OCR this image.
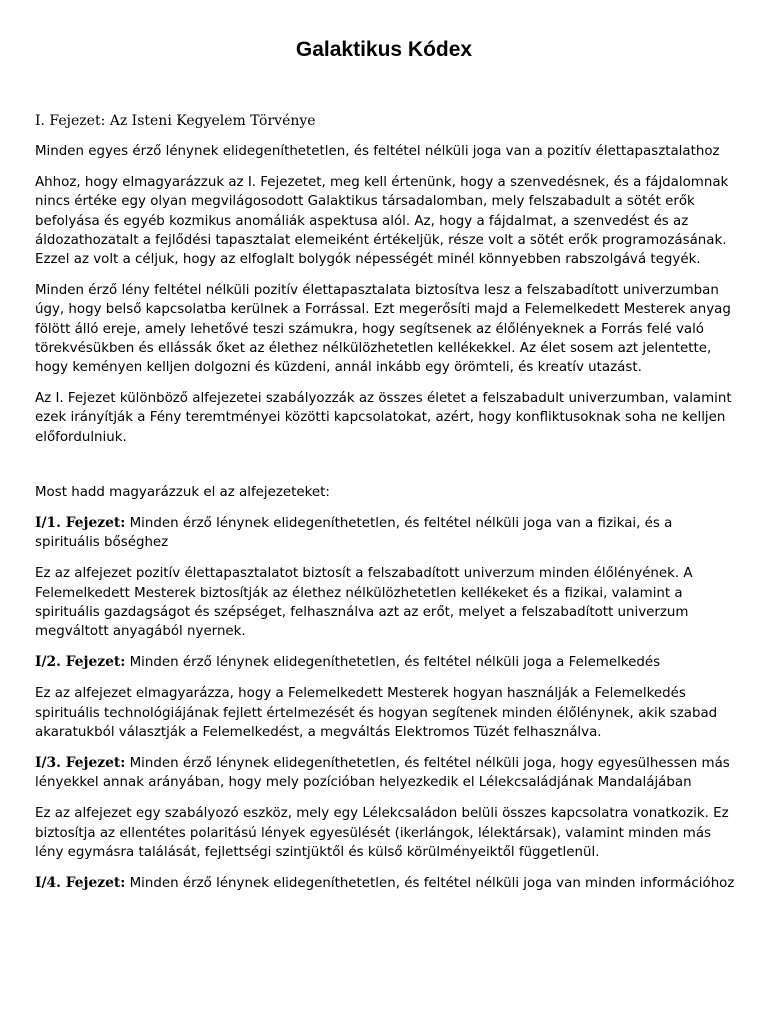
Galaktikus Kódex
I. Fejezet: Az Isteni Kegyelem Törvénye

Minden egyes érző lénynek elidegeníthetetlen, és feltétel nélküli joga van a pozitív élettapasztalathoz

Ahhoz, hogy elmagyarázzuk az I. Fejezetet, meg kell értenünk, hogy a szenvedésnek, és a fájdalomnak nincs értéke egy olyan megvilágosodott Galaktikus társadalomban, mely felszabadult a sötét erők befolyása és egyéb kozmikus anomáliák aspektusa alól. Az, hogy a fájdalmat, a szenvedést és az áldozathozatalt a fejlődési tapasztalat elemeiként értékeljük, része volt a sötét erők programozásának. Ezzel az volt a céljuk, hogy az elfoglalt bolygók népességét minél könnyebben rabszolgává tegyék.

Minden érző lény feltétel nélküli pozitív élettapasztalata biztosítva lesz a felszabadított univerzumban úgy, hogy belső kapcsolatba kerülnek a Forrással. Ezt megerősíti majd a Felemelkedett Mesterek anyag fölött álló ereje, amely lehetővé teszi számukra, hogy segítsenek az élőlényeknek a Forrás felé való törekvésükben és ellássák őket az élethez nélkülözhetetlen kellékekkel. Az élet sosem azt jelentette, hogy keményen kelljen dolgozni és küzdeni, annál inkább egy örömteli, és kreatív utazást.

Az I. Fejezet különböző alfejezetei szabályozzák az összes életet a felszabadult univerzumban, valamint ezek irányítják a Fény teremtményei közötti kapcsolatokat, azért, hogy konfliktusoknak soha ne kelljen előfordulniuk.

Most hadd magyarázzuk el az alfejezeteket:

I/1. Fejezet: Minden érző lénynek elidegeníthetetlen, és feltétel nélküli joga van a fizikai, és a spirituális bőséghez

Ez az alfejezet pozitív élettapasztalatot biztosít a felszabadított univerzum minden élőlényének. A Felemelkedett Mesterek biztosítják az élethez nélkülözhetetlen kellékeket és a fizikai, valamint a spirituális gazdagságot és szépséget, felhasználva azt az erőt, melyet a felszabadított univerzum megváltott anyagából nyernek.

I/2. Fejezet: Minden érző lénynek elidegeníthetetlen, és feltétel nélküli joga a Felemelkedés

Ez az alfejezet elmagyarázza, hogy a Felemelkedett Mesterek hogyan használják a Felemelkedés spirituális technológiájának fejlett értelmezését és hogyan segítenek minden élőlénynek, akik szabad akaratukból választják a Felemelkedést, a megváltás Elektromos Tüzét felhasználva.

I/3. Fejezet: Minden érző lénynek elidegeníthetetlen, és feltétel nélküli joga, hogy egyesülhessen más lényekkel annak arányában, hogy mely pozícióban helyezkedik el Lélekcsaládjának Mandalájában

Ez az alfejezet egy szabályozó eszköz, mely egy Lélekcsaládon belüli összes kapcsolatra vonatkozik. Ez biztosítja az ellentétes polaritású lények egyesülését (ikerlángok, lélektársak), valamint minden más lény egymásra találását, fejlettségi szintjüktől és külső körülményeiktől függetlenül.

I/4. Fejezet: Minden érző lénynek elidegeníthetetlen, és feltétel nélküli joga van minden információhoz
